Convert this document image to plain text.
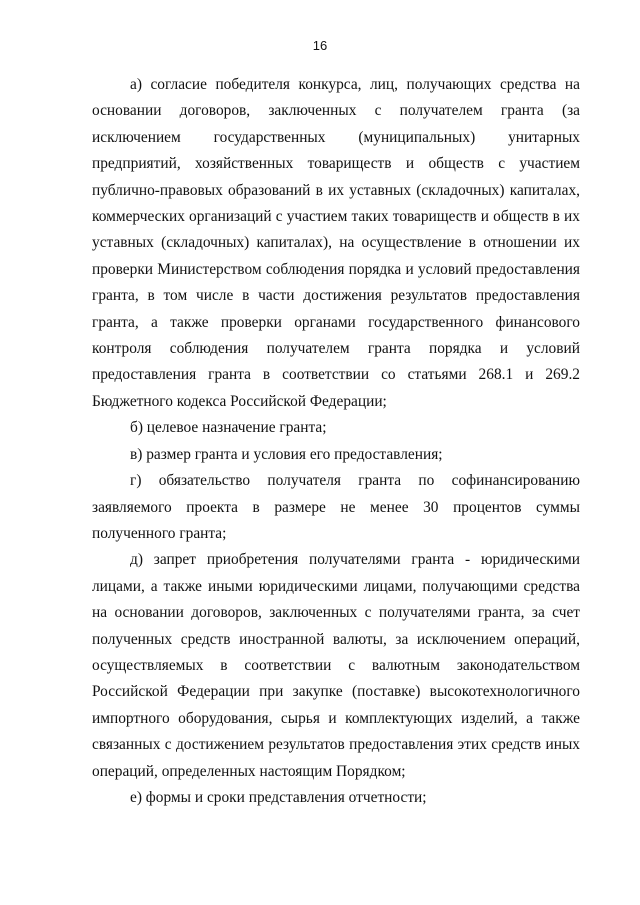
16

а) согласие победителя конкурса, лиц, получающих средства на основании договоров, заключенных с получателем гранта (за исключением государственных (муниципальных) унитарных предприятий, хозяйственных товариществ и обществ с участием публично-правовых образований в их уставных (складочных) капиталах, коммерческих организаций с участием таких товариществ и обществ в их уставных (складочных) капиталах), на осуществление в отношении их проверки Министерством соблюдения порядка и условий предоставления гранта, в том числе в части достижения результатов предоставления гранта, а также проверки органами государственного финансового контроля соблюдения получателем гранта порядка и условий предоставления гранта в соответствии со статьями 268.1 и 269.2 Бюджетного кодекса Российской Федерации;

б) целевое назначение гранта;

в) размер гранта и условия его предоставления;

г) обязательство получателя гранта по софинансированию заявляемого проекта в размере не менее 30 процентов суммы полученного гранта;

д) запрет приобретения получателями гранта - юридическими лицами, а также иными юридическими лицами, получающими средства на основании договоров, заключенных с получателями гранта, за счет полученных средств иностранной валюты, за исключением операций, осуществляемых в соответствии с валютным законодательством Российской Федерации при закупке (поставке) высокотехнологичного импортного оборудования, сырья и комплектующих изделий, а также связанных с достижением результатов предоставления этих средств иных операций, определенных настоящим Порядком;

е) формы и сроки представления отчетности;
